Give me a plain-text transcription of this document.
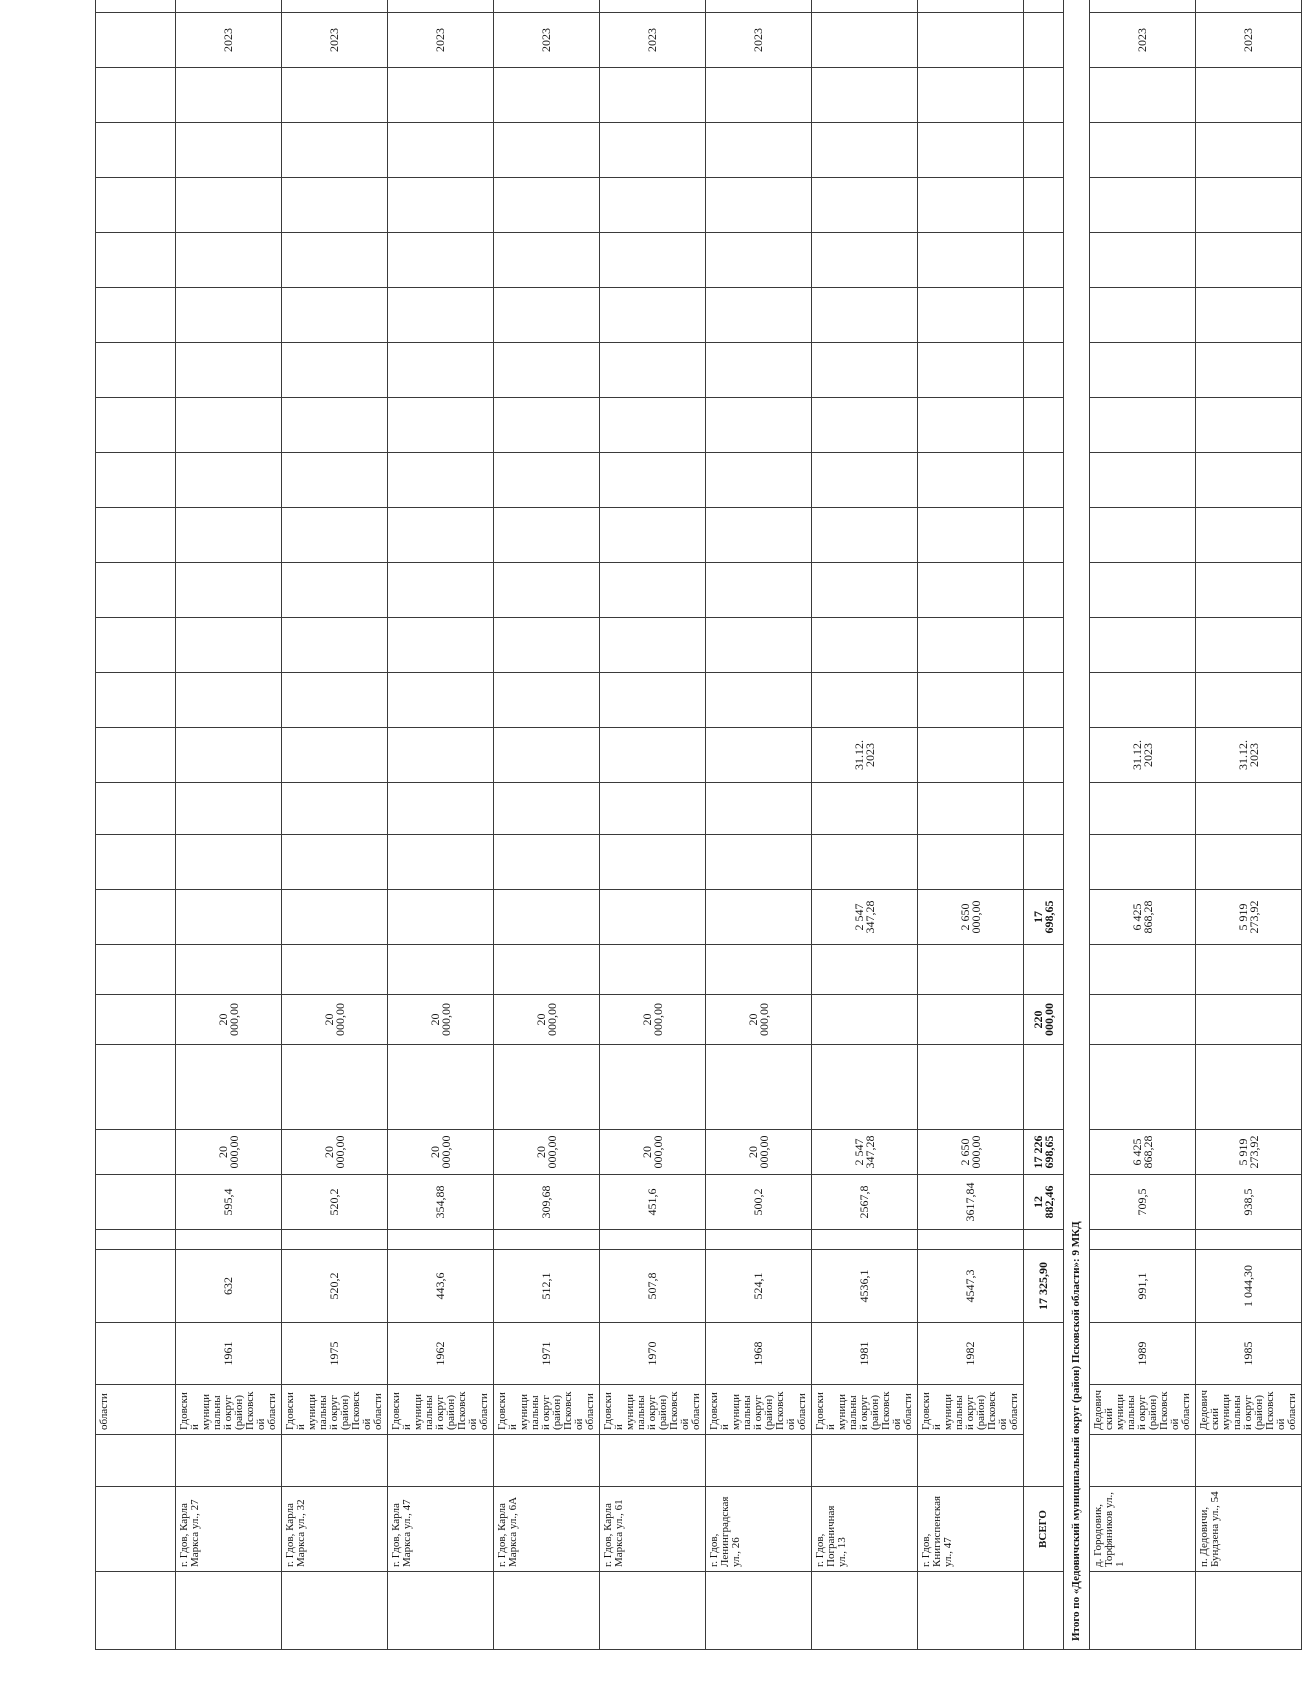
			области																											
	г. Гдов, Карла Маркса ул., 27		Гдовский муниципальны й округ (район) Псковской области	1961	632		595,4	20 000,00		20 000,00																		2023		
	г. Гдов, Карла Маркса ул., 32		Гдовский муниципальны й округ (район) Псковской области	1975	520,2		520,2	20 000,00		20 000,00																		2023		
	г. Гдов, Карла Маркса ул., 47		Гдовский муниципальны й округ (район) Псковской области	1962	443,6		354,88	20 000,00		20 000,00																		2023		
	г. Гдов, Карла Маркса ул., 6А		Гдовский муниципальны й округ (район) Псковской области	1971	512,1		309,68	20 000,00		20 000,00																		2023		
	г. Гдов, Карла Маркса ул., 61		Гдовский муниципальны й округ (район) Псковской области	1970	507,8		451,6	20 000,00		20 000,00																		2023		
	г. Гдов, Ленинградская ул., 26		Гдовский муниципальны й округ (район) Псковской области	1968	524,1		500,2	20 000,00		20 000,00																		2023		
	г. Гдов, Пограничная ул., 13		Гдовский муниципальны й округ (район) Псковской области	1981	4536,1		2567,8	2 547 347,28				2 547 347,28			31.12. 2023															
	г. Гдов, Книгиспенская ул., 47		Гдовский муниципальны й округ (район) Псковской области	1982	4547,3		3617,84	2 650 000,00				2 650 000,00																		
	ВСЕГО				17 325,90		12 882,46	17 226 698,65		220 000,00		17 698,65																		
Итого по «Дедовичский муниципальный округ (район) Псковской области»: 9 МКД																														
	д. Городовик, Торфяников ул., 1		Дедовичский муниципальны й округ (район) Псковской области	1989	991,1		709,5	6 425 868,28				6 425 868,28			31.12. 2023													2023		
	п. Дедовичи, Бундзена ул., 54		Дедовичский муниципальны й округ (район) Псковской области	1985	1 044,30		938,5	5 919 273,92				5 919 273,92			31.12. 2023													2023		
